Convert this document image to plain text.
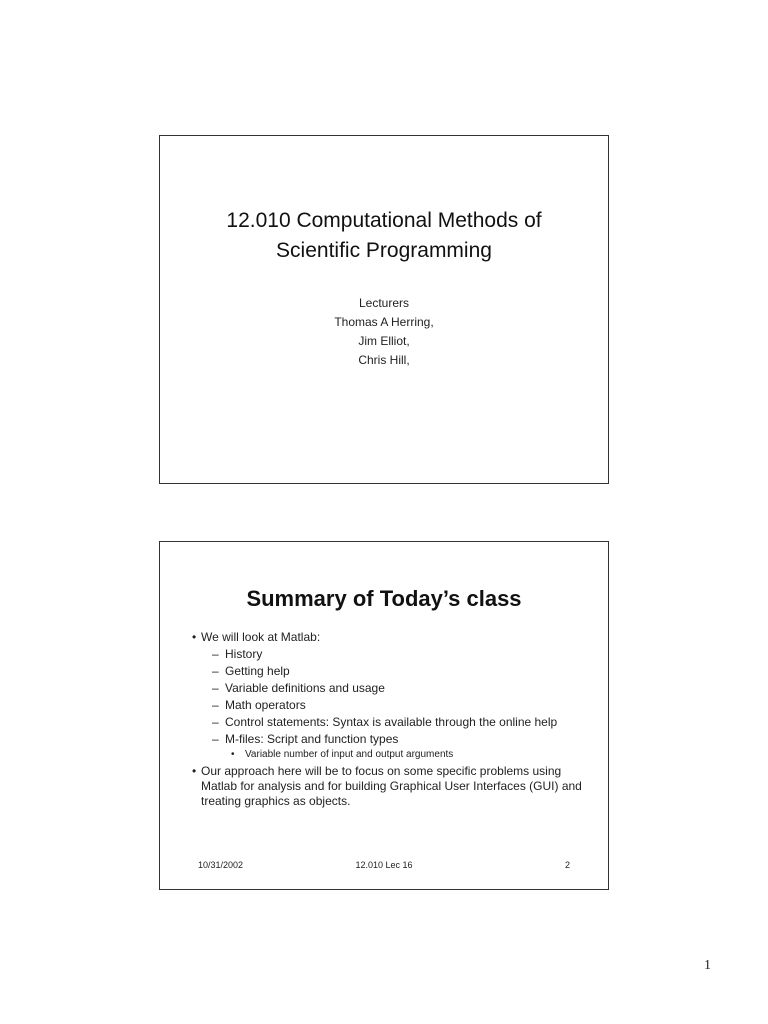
12.010 Computational Methods of
Scientific Programming
Lecturers
Thomas A Herring,
Jim Elliot,
Chris Hill,
Summary of Today’s class
• We will look at Matlab:
– History
– Getting help
– Variable definitions and usage
– Math operators
– Control statements: Syntax is available through the online help
– M-files: Script and function types
• Variable number of input and output arguments
• Our approach here will be to focus on some specific problems using Matlab for analysis and for building Graphical User Interfaces (GUI) and treating graphics as objects.
10/31/2002	12.010 Lec 16	2
1
